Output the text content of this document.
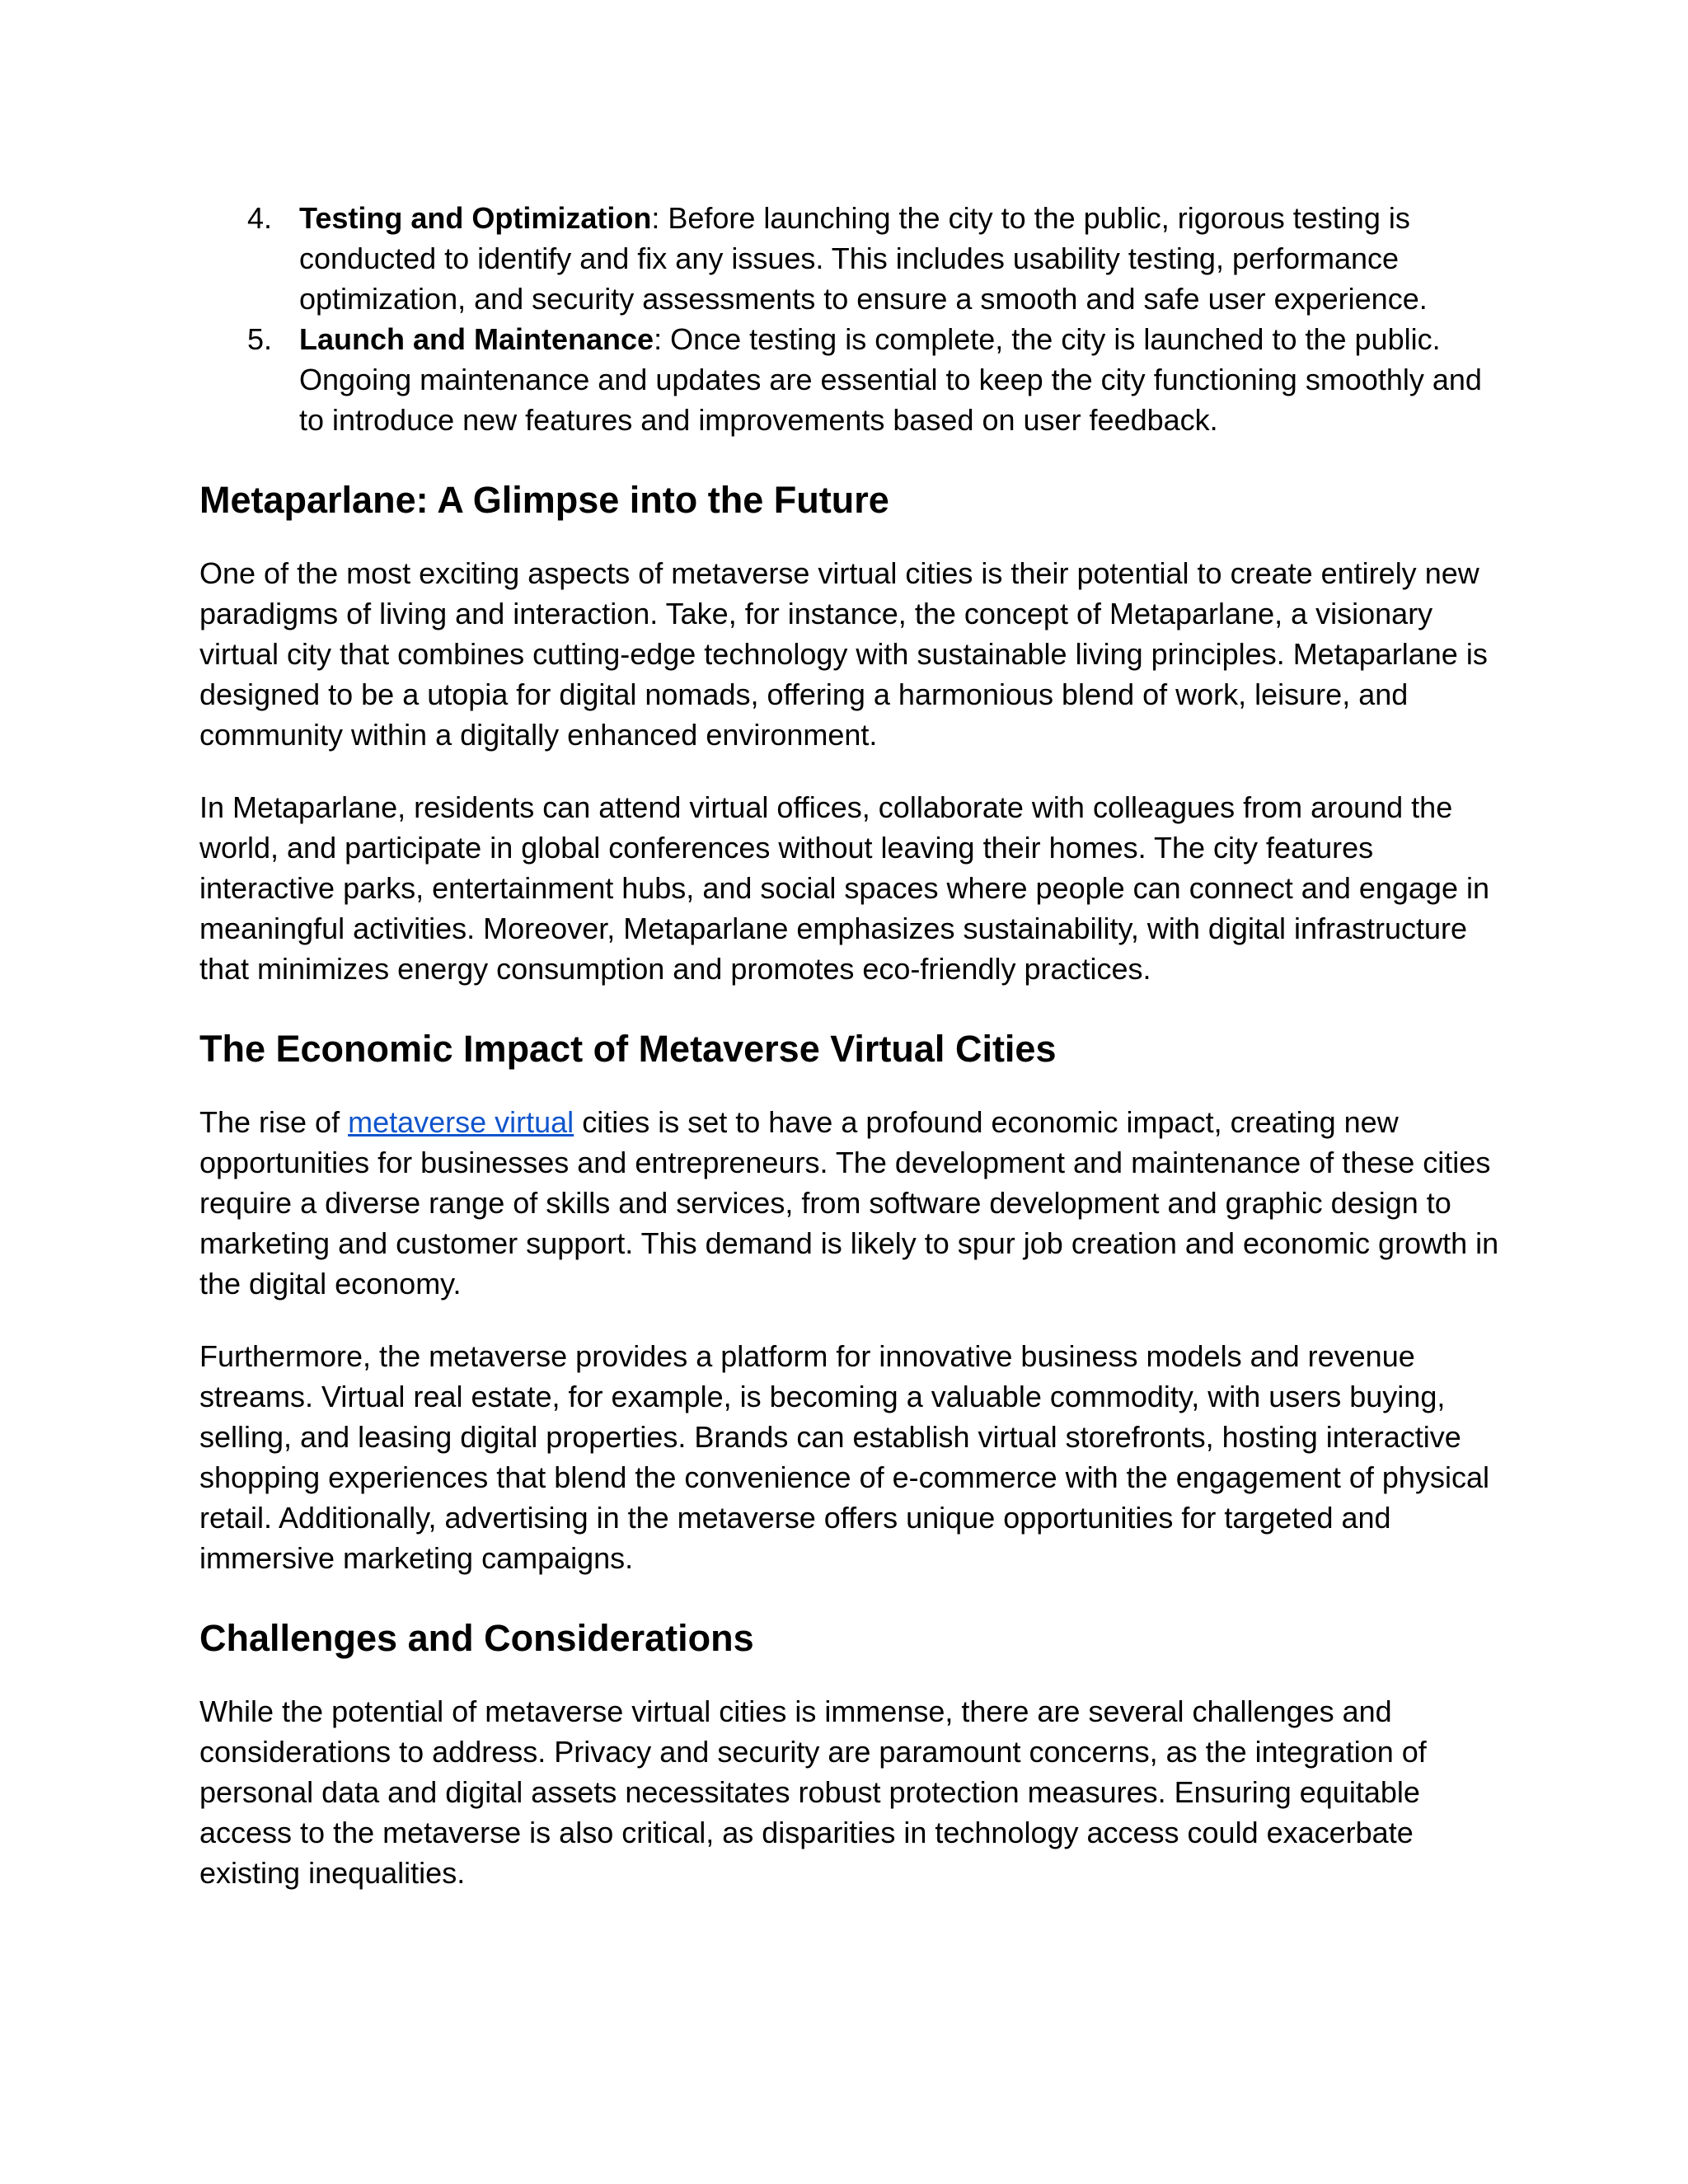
4. Testing and Optimization: Before launching the city to the public, rigorous testing is conducted to identify and fix any issues. This includes usability testing, performance optimization, and security assessments to ensure a smooth and safe user experience.
5. Launch and Maintenance: Once testing is complete, the city is launched to the public. Ongoing maintenance and updates are essential to keep the city functioning smoothly and to introduce new features and improvements based on user feedback.
Metaparlane: A Glimpse into the Future

One of the most exciting aspects of metaverse virtual cities is their potential to create entirely new paradigms of living and interaction. Take, for instance, the concept of Metaparlane, a visionary virtual city that combines cutting-edge technology with sustainable living principles. Metaparlane is designed to be a utopia for digital nomads, offering a harmonious blend of work, leisure, and community within a digitally enhanced environment.

In Metaparlane, residents can attend virtual offices, collaborate with colleagues from around the world, and participate in global conferences without leaving their homes. The city features interactive parks, entertainment hubs, and social spaces where people can connect and engage in meaningful activities. Moreover, Metaparlane emphasizes sustainability, with digital infrastructure that minimizes energy consumption and promotes eco-friendly practices.

The Economic Impact of Metaverse Virtual Cities

The rise of metaverse virtual cities is set to have a profound economic impact, creating new opportunities for businesses and entrepreneurs. The development and maintenance of these cities require a diverse range of skills and services, from software development and graphic design to marketing and customer support. This demand is likely to spur job creation and economic growth in the digital economy.

Furthermore, the metaverse provides a platform for innovative business models and revenue streams. Virtual real estate, for example, is becoming a valuable commodity, with users buying, selling, and leasing digital properties. Brands can establish virtual storefronts, hosting interactive shopping experiences that blend the convenience of e-commerce with the engagement of physical retail. Additionally, advertising in the metaverse offers unique opportunities for targeted and immersive marketing campaigns.

Challenges and Considerations

While the potential of metaverse virtual cities is immense, there are several challenges and considerations to address. Privacy and security are paramount concerns, as the integration of personal data and digital assets necessitates robust protection measures. Ensuring equitable access to the metaverse is also critical, as disparities in technology access could exacerbate existing inequalities.
